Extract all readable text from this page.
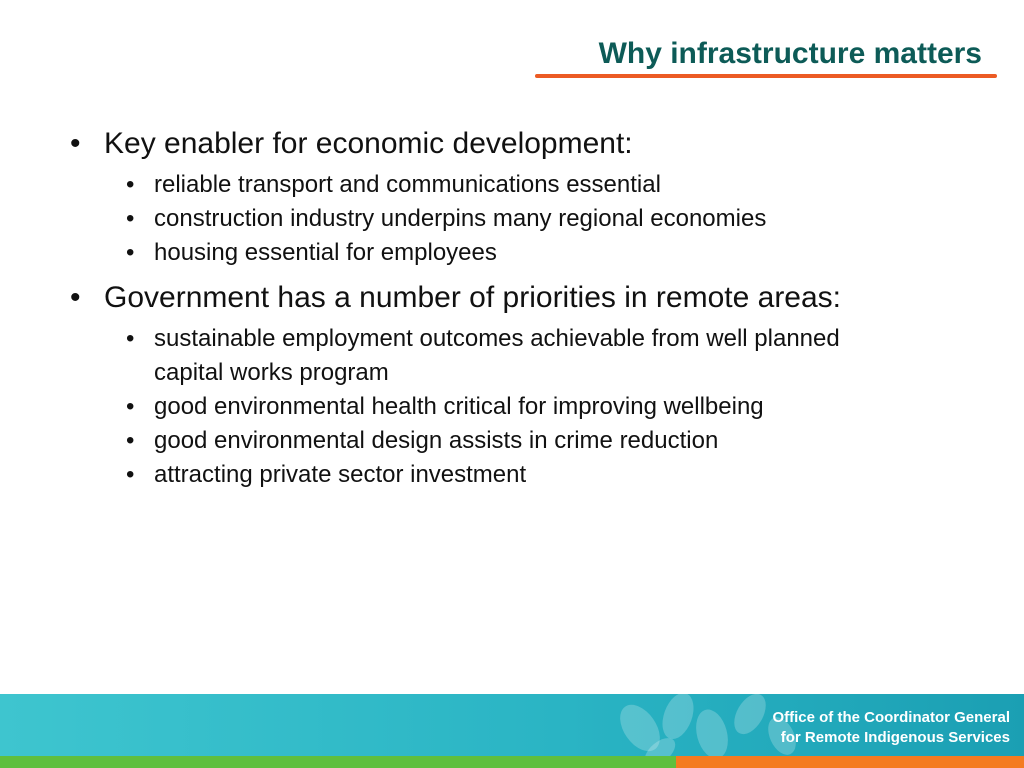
Why infrastructure matters
• Key enabler for economic development:
• reliable transport and communications essential
• construction industry underpins many regional economies
• housing essential for employees
• Government has a number of priorities in remote areas:
• sustainable employment outcomes achievable from well planned capital works program
• good environmental health critical for improving wellbeing
• good environmental design assists in crime reduction
• attracting private sector investment
Office of the Coordinator General
for Remote Indigenous Services
